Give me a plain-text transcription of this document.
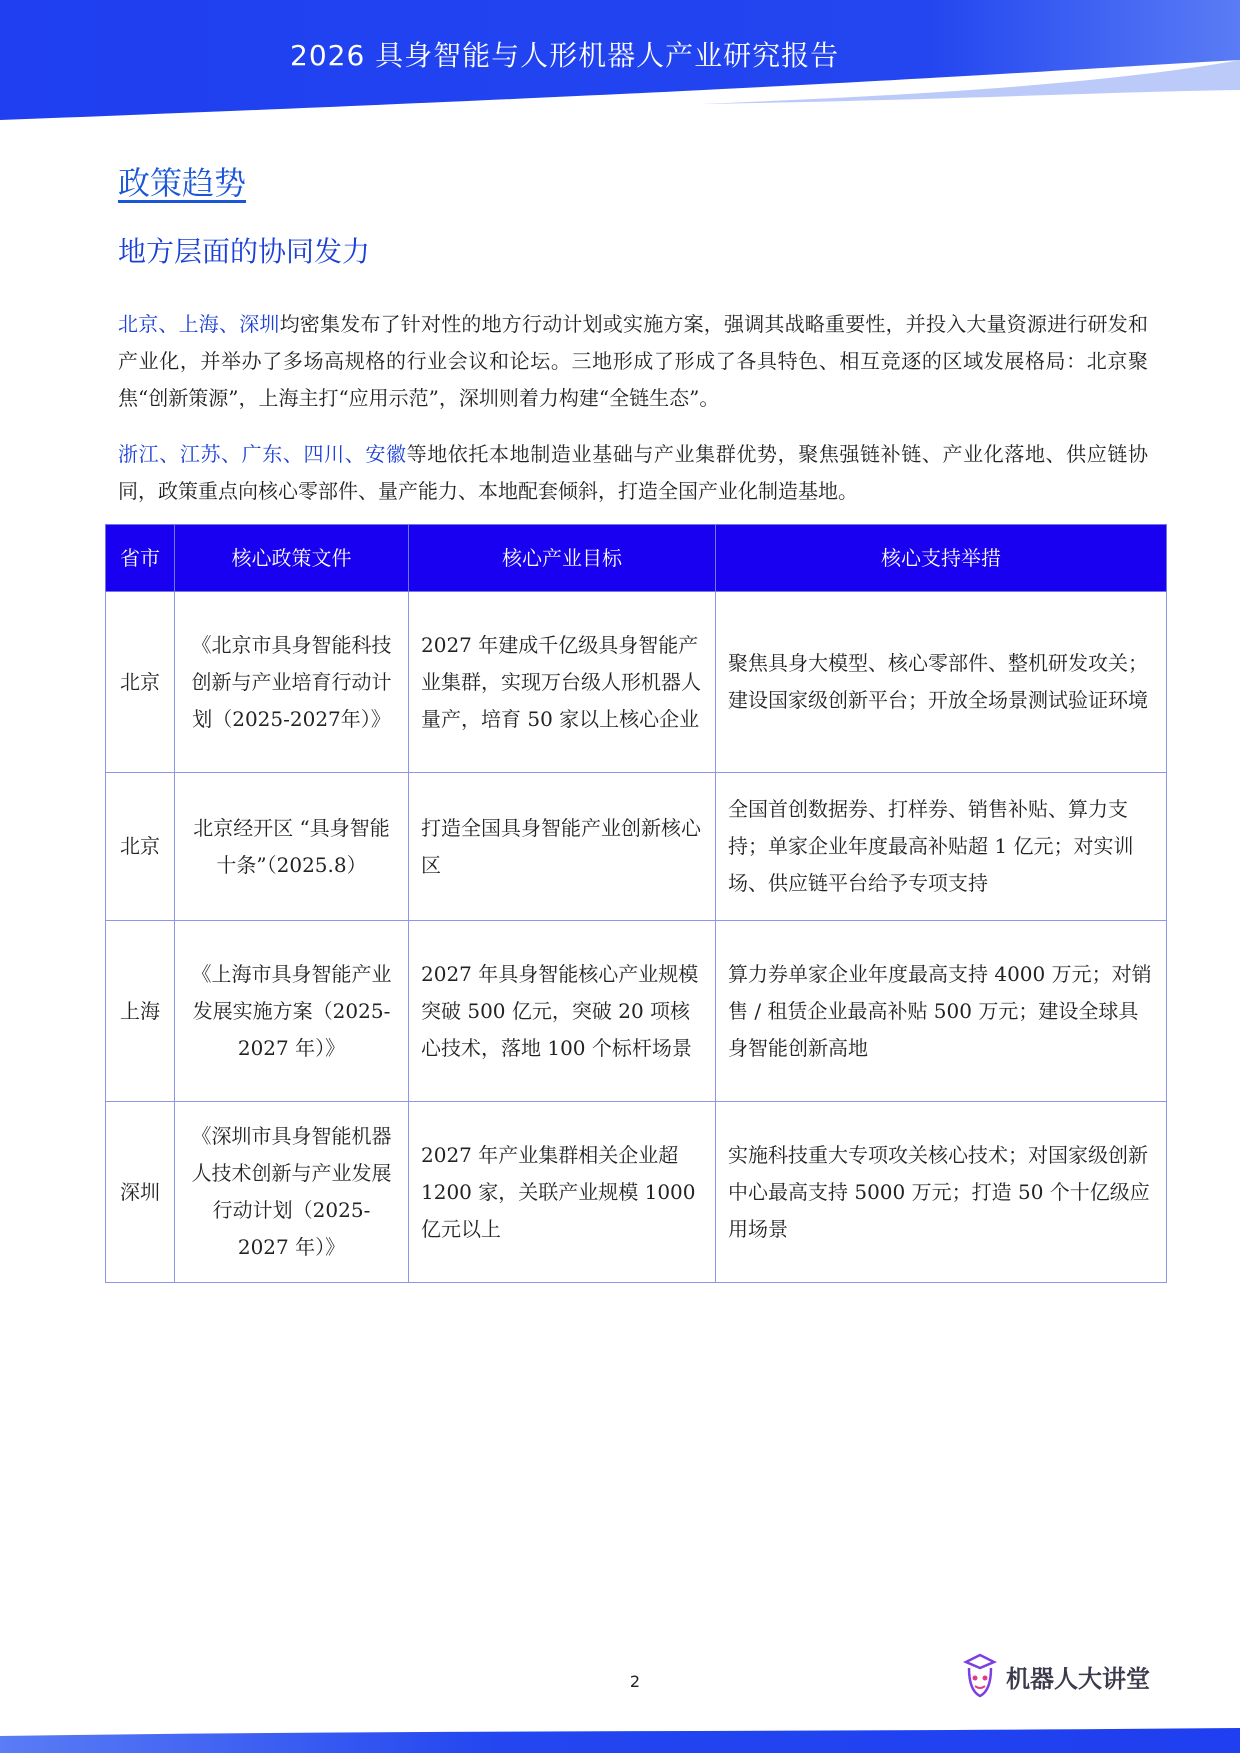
2026 具身智能与人形机器人产业研究报告
政策趋势
地方层面的协同发力
北京、上海、深圳均密集发布了针对性的地方行动计划或实施方案，强调其战略重要性，并投入大量资源进行研发和产业化，并举办了多场高规格的行业会议和论坛。三地形成了形成了各具特色、相互竞逐的区域发展格局：北京聚焦“创新策源”，上海主打“应用示范”，深圳则着力构建“全链生态”。
浙江、江苏、广东、四川、安徽等地依托本地制造业基础与产业集群优势，聚焦强链补链、产业化落地、供应链协同，政策重点向核心零部件、量产能力、本地配套倾斜，打造全国产业化制造基地。
省市	核心政策文件	核心产业目标	核心支持举措
北京	《北京市具身智能科技创新与产业培育行动计划（2025-2027年）》	2027 年建成千亿级具身智能产业集群，实现万台级人形机器人量产，培育 50 家以上核心企业	聚焦具身大模型、核心零部件、整机研发攻关；建设国家级创新平台；开放全场景测试验证环境
北京	北京经开区 “具身智能十条”（2025.8）	打造全国具身智能产业创新核心区	全国首创数据券、打样券、销售补贴、算力支持；单家企业年度最高补贴超 1 亿元；对实训场、供应链平台给予专项支持
上海	《上海市具身智能产业发展实施方案（2025-2027 年）》	2027 年具身智能核心产业规模突破 500 亿元，突破 20 项核心技术，落地 100 个标杆场景	算力券单家企业年度最高支持 4000 万元；对销售 / 租赁企业最高补贴 500 万元；建设全球具身智能创新高地
深圳	《深圳市具身智能机器人技术创新与产业发展行动计划（2025-2027 年）》	2027 年产业集群相关企业超 1200 家，关联产业规模 1000 亿元以上	实施科技重大专项攻关核心技术；对国家级创新中心最高支持 5000 万元；打造 50 个十亿级应用场景
2	机器人大讲堂
